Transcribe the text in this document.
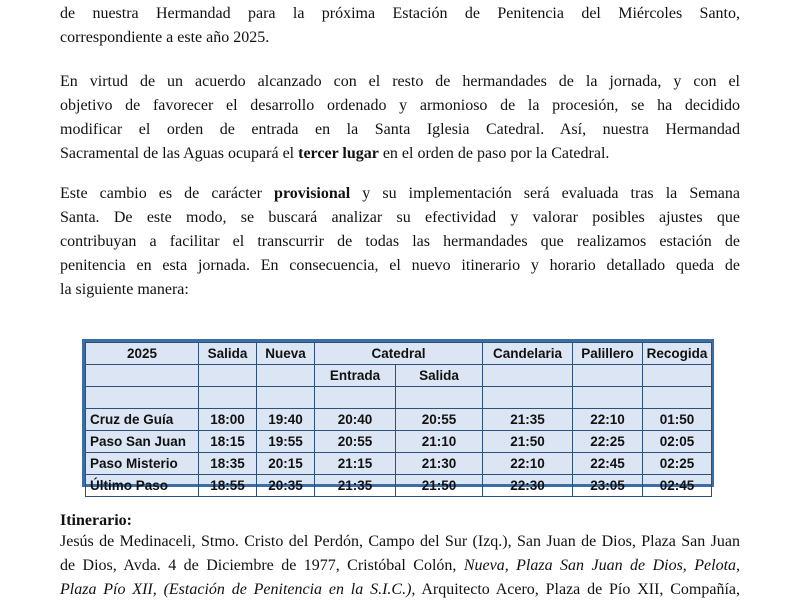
de nuestra Hermandad para la próxima Estación de Penitencia del Miércoles Santo,
correspondiente a este año 2025.

En virtud de un acuerdo alcanzado con el resto de hermandades de la jornada, y con el
objetivo de favorecer el desarrollo ordenado y armonioso de la procesión, se ha decidido
modificar el orden de entrada en la Santa Iglesia Catedral. Así, nuestra Hermandad
Sacramental de las Aguas ocupará el tercer lugar en el orden de paso por la Catedral.

Este cambio es de carácter provisional y su implementación será evaluada tras la Semana
Santa. De este modo, se buscará analizar su efectividad y valorar posibles ajustes que
contribuyan a facilitar el transcurrir de todas las hermandades que realizamos estación de
penitencia en esta jornada. En consecuencia, el nuevo itinerario y horario detallado queda de
la siguiente manera:

2025	Salida	Nueva	Catedral		Candelaria	Palillero	Recogida
			Entrada	Salida			

Cruz de Guía	18:00	19:40	20:40	20:55	21:35	22:10	01:50
Paso San Juan	18:15	19:55	20:55	21:10	21:50	22:25	02:05
Paso Misterio	18:35	20:15	21:15	21:30	22:10	22:45	02:25
Último Paso	18:55	20:35	21:35	21:50	22:30	23:05	02:45
Itinerario:
Jesús de Medinaceli, Stmo. Cristo del Perdón, Campo del Sur (Izq.), San Juan de Dios, Plaza San Juan
de Dios, Avda. 4 de Diciembre de 1977, Cristóbal Colón, Nueva, Plaza San Juan de Dios, Pelota,
Plaza Pío XII, (Estación de Penitencia en la S.I.C.), Arquitecto Acero, Plaza de Pío XII, Compañía,
